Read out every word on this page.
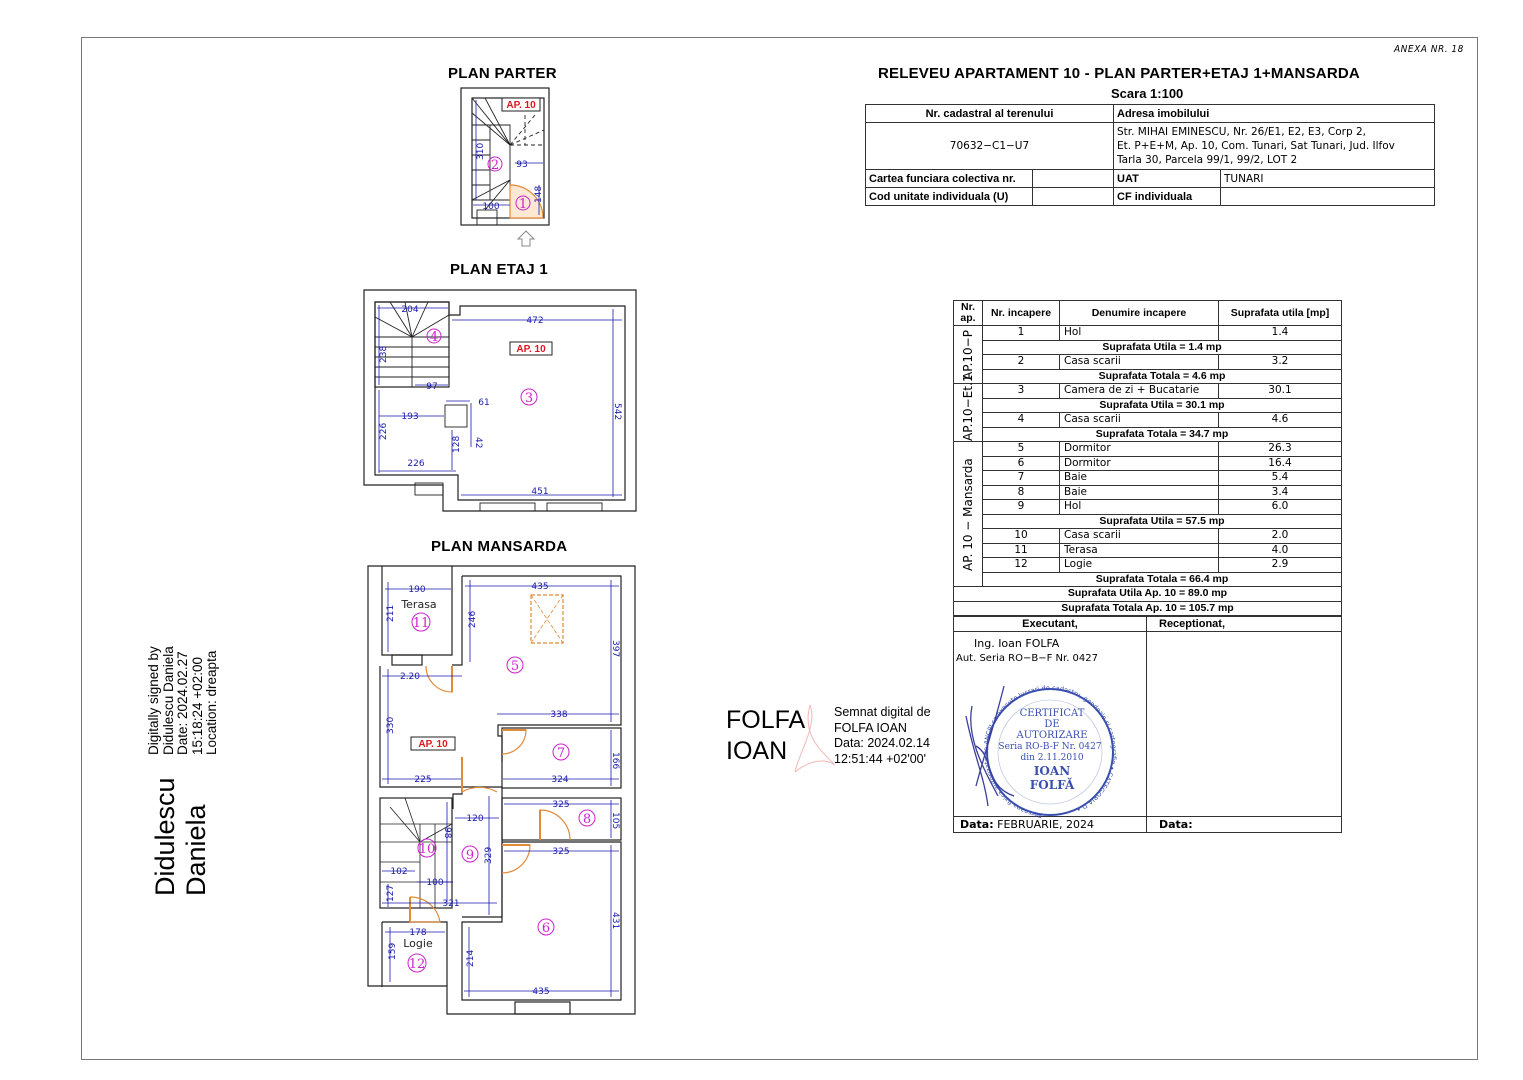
ANEXA NR. 18
RELEVEU APARTAMENT 10 - PLAN PARTER+ETAJ 1+MANSARDA
Scara 1:100
Nr. cadastral al terenului		Adresa imobilului	
70632−C1−U7		Str. MIHAI EMINESCU, Nr. 26/E1, E2, E3, Corp 2,
Et. P+E+M, Ap. 10, Com. Tunari, Sat Tunari, Jud. Ilfov
Tarla 30, Parcela 99/1, 99/2, LOT 2	

Cartea funciara colectiva nr.		UAT	TUNARI
Cod unitate individuala (U)		CF individuala	
Nr. ap.	Nr. incapere	Denumire incapere	Suprafata utila [mp]
AP.10−P	1	Hol	1.4
	Suprafata Utila = 1.4 mp		
	2	Casa scarii	3.2
	Suprafata Totala = 4.6 mp		
AP.10−Et.1	3	Camera de zi + Bucatarie	30.1
	Suprafata Utila = 30.1 mp		
	4	Casa scarii	4.6
	Suprafata Totala = 34.7 mp		
AP. 10 − Mansarda	5	Dormitor	26.3
	6	Dormitor	16.4
	7	Baie	5.4
	8	Baie	3.4
	9	Hol	6.0
	Suprafata Utila = 57.5 mp		
	10	Casa scarii	2.0
	11	Terasa	4.0
	12	Logie	2.9
	Suprafata Totala = 66.4 mp		
Suprafata Utila Ap. 10 = 89.0 mp			
Suprafata Totala Ap. 10 = 105.7 mp			
Executant,	Receptionat,

Ing. Ioan FOLFA
Aut. Seria RO−B−F Nr. 0427
Persoana fizica autorizata de ANCPI sa execute lucrari de cadastru, geodezie si cartografie • CATEGORIA D •
CERTIFICAT
DE
AUTORIZARE
Seria RO-B-F Nr. 0427
din 2.11.2010
IOAN
FOLFĂ

Data: FEBRUARIE, 2024	Data:
FOLFA
IOAN
Semnat digital de
FOLFA IOAN
Data: 2024.02.14
12:51:44 +02'00'
Didulescu Daniela
Digitally signed by Didulescu Daniela Date: 2024.02.27 15:18:24 +02:00 Location: dreapta
PLAN PARTER
AP. 10
310
93
148
100
2
1
PLAN ETAJ 1
204
472
238
97
193
61
226
128 42
226
542
451
AP. 10
4
3
PLAN MANSARDA
190
211
435
246
397
2.20
338
330
166
225	324
325
105
120
98
329	325
102
100
127
321
178
159	214
431
435
Terasa
Logie
AP. 10
5
6
7
8
9
10
11
12
